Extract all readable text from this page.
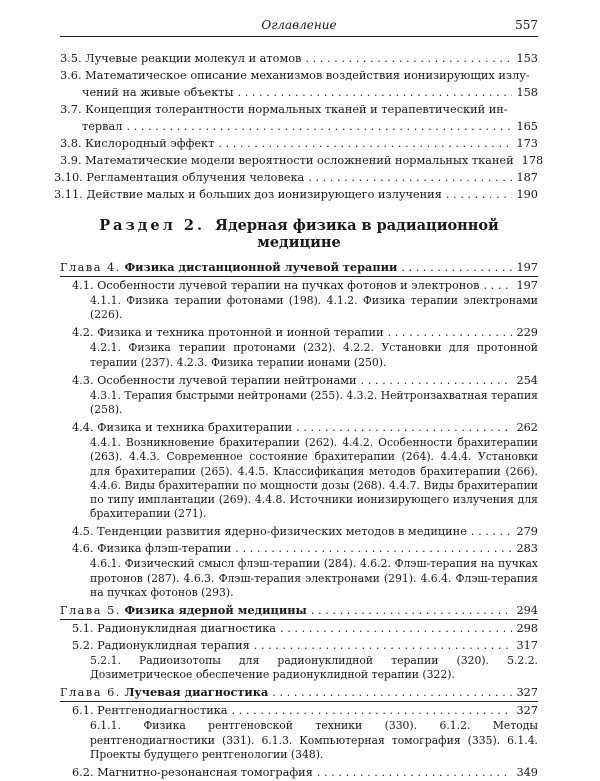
Оглавление	557
3.5.
Лучевые реакции молекул и атомов . . .	153
3.6. Математическое описание механизмов воздействия ионизирующих излу-
чений на живые объекты . . .	158
3.7. Концепция толерантности нормальных тканей и терапевтический ин-
тервал . . .	165
3.8.
Кислородный эффект . . .	173
3.9.
Математические модели вероятности осложнений нормальных тканей 178
3.10.
Регламентация облучения человека . . .	187
3.11.
Действие малых и больших доз ионизирующего излучения . . .	190
Раздел 2. Ядерная физика в радиационной медицине
Глава 4.
Физика дистанционной лучевой терапии . . .	197
4.1. Особенности лучевой терапии на пучках фотонов и электронов . . .	197
4.1.1. Физика терапии фотонами (198). 4.1.2. Физика терапии электронами (226).
4.2. Физика и техника протонной и ионной терапии . . .	229
4.2.1. Физика терапии протонами (232). 4.2.2. Установки для протонной терапии (237). 4.2.3. Физика терапии ионами (250).
4.3. Особенности лучевой терапии нейтронами . . .	254
4.3.1. Терапия быстрыми нейтронами (255). 4.3.2. Нейтронзахватная терапия (258).
4.4. Физика и техника брахитерапии . . .	262
4.4.1. Возникновение брахитерапии (262). 4.4.2. Особенности брахитерапии (263). 4.4.3. Современное состояние брахитерапии (264). 4.4.4. Установки для брахитерапии (265). 4.4.5. Классификация методов брахитерапии (266). 4.4.6. Виды брахитерапии по мощности дозы (268). 4.4.7. Виды брахитерапии по типу имплантации (269). 4.4.8. Источники ионизирующего излучения для брахитерапии (271).
4.5. Тенденции развития ядерно-физических методов в медицине . . .	279
4.6. Физика флэш-терапии . . .	283
4.6.1. Физический смысл флэш-терапии (284). 4.6.2. Флэш-терапия на пучках протонов (287). 4.6.3. Флэш-терапия электронами (291). 4.6.4. Флэш-терапия на пучках фотонов (293).
Глава 5.
Физика ядерной медицины . . .	294
5.1. Радионуклидная диагностика . . .	298
5.2. Радионуклидная терапия . . .	317
5.2.1. Радиоизотопы для радионуклидной терапии (320). 5.2.2. Дозиметрическое обеспечение радионуклидной терапии (322).
Глава 6.
Лучевая диагностика . . .	327
6.1. Рентгенодиагностика . . .	327
6.1.1. Физика рентгеновской техники (330). 6.1.2. Методы рентгенодиагностики (331). 6.1.3. Компьютерная томография (335). 6.1.4. Проекты будущего рентгенологии (348).
6.2. Магнитно-резонансная томография . . .	349
